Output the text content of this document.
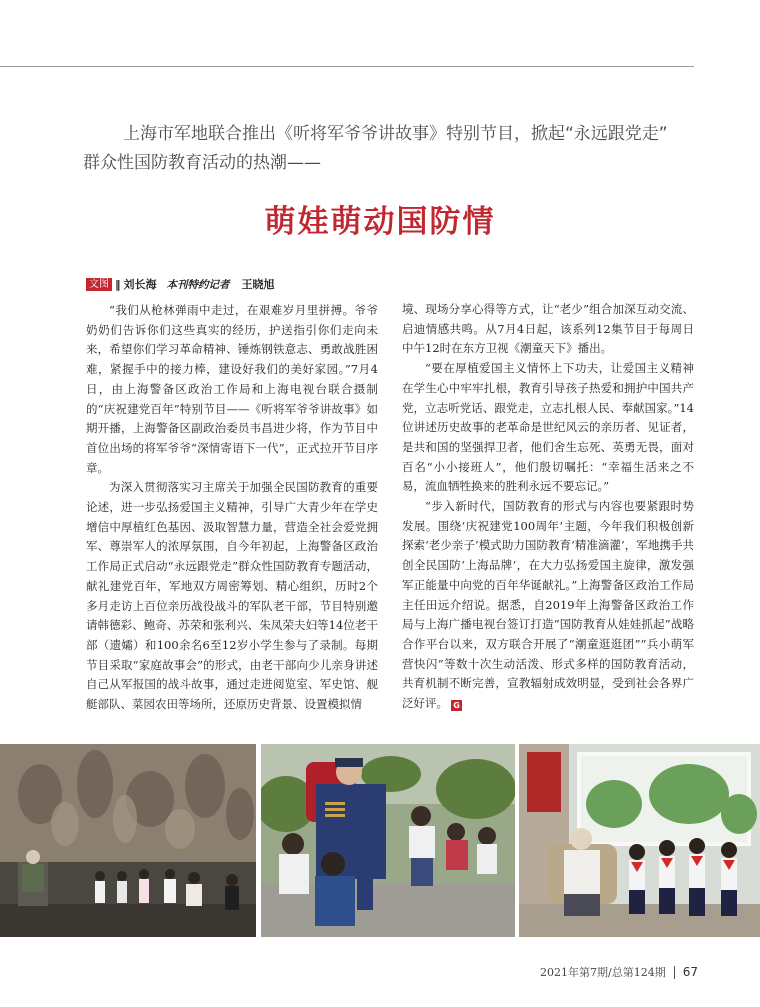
上海市军地联合推出《听将军爷爷讲故事》特别节目，掀起“永远跟党走”
群众性国防教育活动的热潮——
萌娃萌动国防情
文图 ‖ 刘长海 本刊特约记者 王晓旭

“我们从枪林弹雨中走过，在艰难岁月里拼搏。爷爷奶奶们告诉你们这些真实的经历，护送指引你们走向未来，希望你们学习革命精神、锤炼钢铁意志、勇敢战胜困难，紧握手中的接力棒，建设好我们的美好家园。”7月4日，由上海警备区政治工作局和上海电视台联合摄制的“庆祝建党百年”特别节目——《听将军爷爷讲故事》如期开播，上海警备区副政治委员韦昌进少将，作为节目中首位出场的将军爷爷“深情寄语下一代”，正式拉开节目序章。

为深入贯彻落实习主席关于加强全民国防教育的重要论述，进一步弘扬爱国主义精神，引导广大青少年在学史增信中厚植红色基因、汲取智慧力量，营造全社会爱党拥军、尊崇军人的浓厚氛围，自今年初起，上海警备区政治工作局正式启动“永远跟党走”群众性国防教育专题活动，献礼建党百年，军地双方周密筹划、精心组织，历时2个多月走访上百位亲历战役战斗的军队老干部，节目特别邀请韩德彩、鲍奇、苏荣和张利兴、朱凤荣夫妇等14位老干部（遗孀）和100余名6至12岁小学生参与了录制。每期节目采取“家庭故事会”的形式，由老干部向少儿亲身讲述自己从军报国的战斗故事，通过走进阅览室、军史馆、舰艇部队、菜园农田等场所，还原历史背景、设置模拟情

境、现场分享心得等方式，让“老少”组合加深互动交流、启迪情感共鸣。从7月4日起，该系列12集节目于每周日中午12时在东方卫视《潮童天下》播出。

“要在厚植爱国主义情怀上下功夫，让爱国主义精神在学生心中牢牢扎根，教育引导孩子热爱和拥护中国共产党，立志听党话、跟党走，立志扎根人民、奉献国家。”14位讲述历史故事的老革命是世纪风云的亲历者、见证者，是共和国的坚强捍卫者，他们舍生忘死、英勇无畏，面对百名“小小接班人”，他们殷切嘱托：“幸福生活来之不易，流血牺牲换来的胜利永远不要忘记。”

“步入新时代，国防教育的形式与内容也要紧跟时势发展。围绕‘庆祝建党100周年’主题，今年我们积极创新探索‘老少亲子’模式助力国防教育‘精准滴灌’，军地携手共创全民国防‘上海品牌’，在大力弘扬爱国主旋律，激发强军正能量中向党的百年华诞献礼。”上海警备区政治工作局主任田远介绍说。据悉，自2019年上海警备区政治工作局与上海广播电视台签订打造“国防教育从娃娃抓起”战略合作平台以来，双方联合开展了“潮童逛逛团”“兵小萌军营快闪”等数十次生动活泼、形式多样的国防教育活动，共育机制不断完善，宣教辐射成效明显，受到社会各界广泛好评。 G

2021年第7期/总第124期 67
